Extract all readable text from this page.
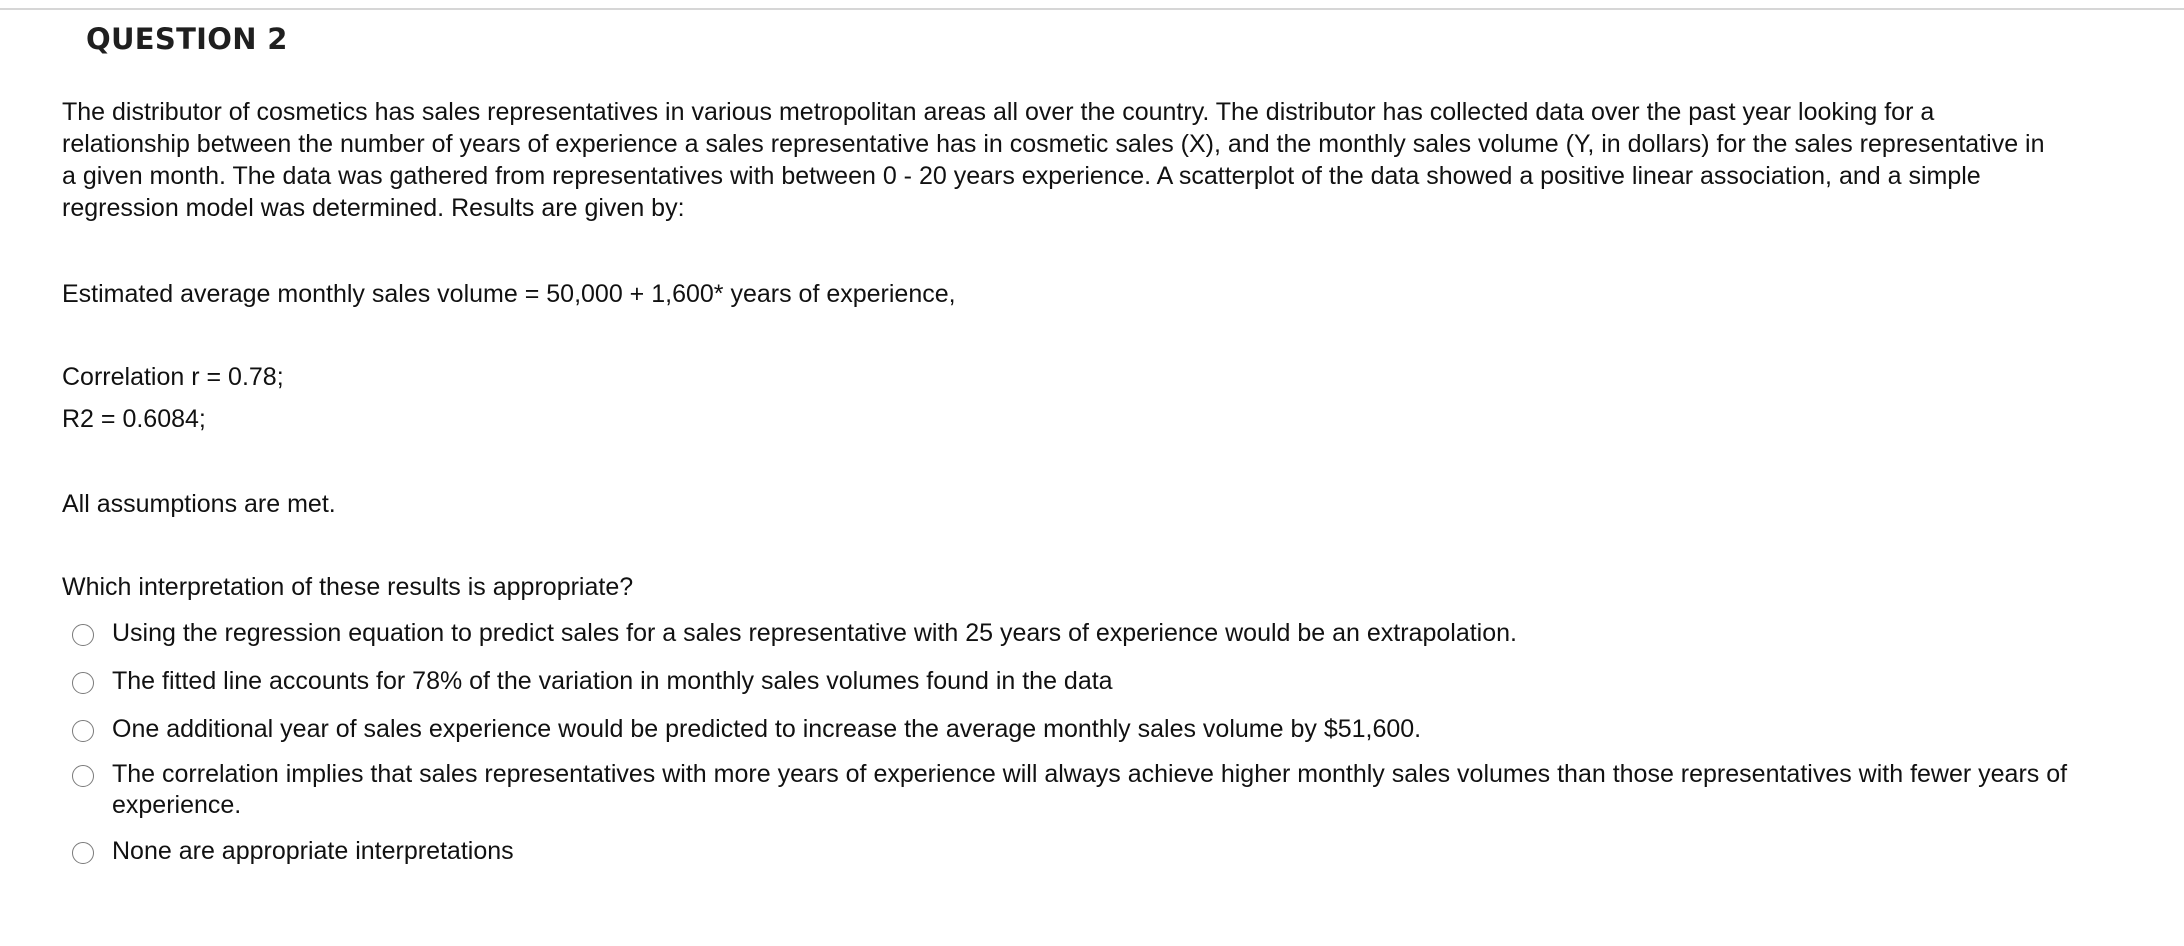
QUESTION 2
The distributor of cosmetics has sales representatives in various metropolitan areas all over the country. The distributor has collected data over the past year looking for a relationship between the number of years of experience a sales representative has in cosmetic sales (X), and the monthly sales volume (Y, in dollars) for the sales representative in a given month. The data was gathered from representatives with between 0 - 20 years experience. A scatterplot of the data showed a positive linear association, and a simple regression model was determined. Results are given by:
Estimated average monthly sales volume = 50,000 + 1,600* years of experience,
Correlation r = 0.78;
R2 = 0.6084;
All assumptions are met.
Which interpretation of these results is appropriate?
Using the regression equation to predict sales for a sales representative with 25 years of experience would be an extrapolation.
The fitted line accounts for 78% of the variation in monthly sales volumes found in the data
One additional year of sales experience would be predicted to increase the average monthly sales volume by $51,600.
The correlation implies that sales representatives with more years of experience will always achieve higher monthly sales volumes than those representatives with fewer years of experience.
None are appropriate interpretations
